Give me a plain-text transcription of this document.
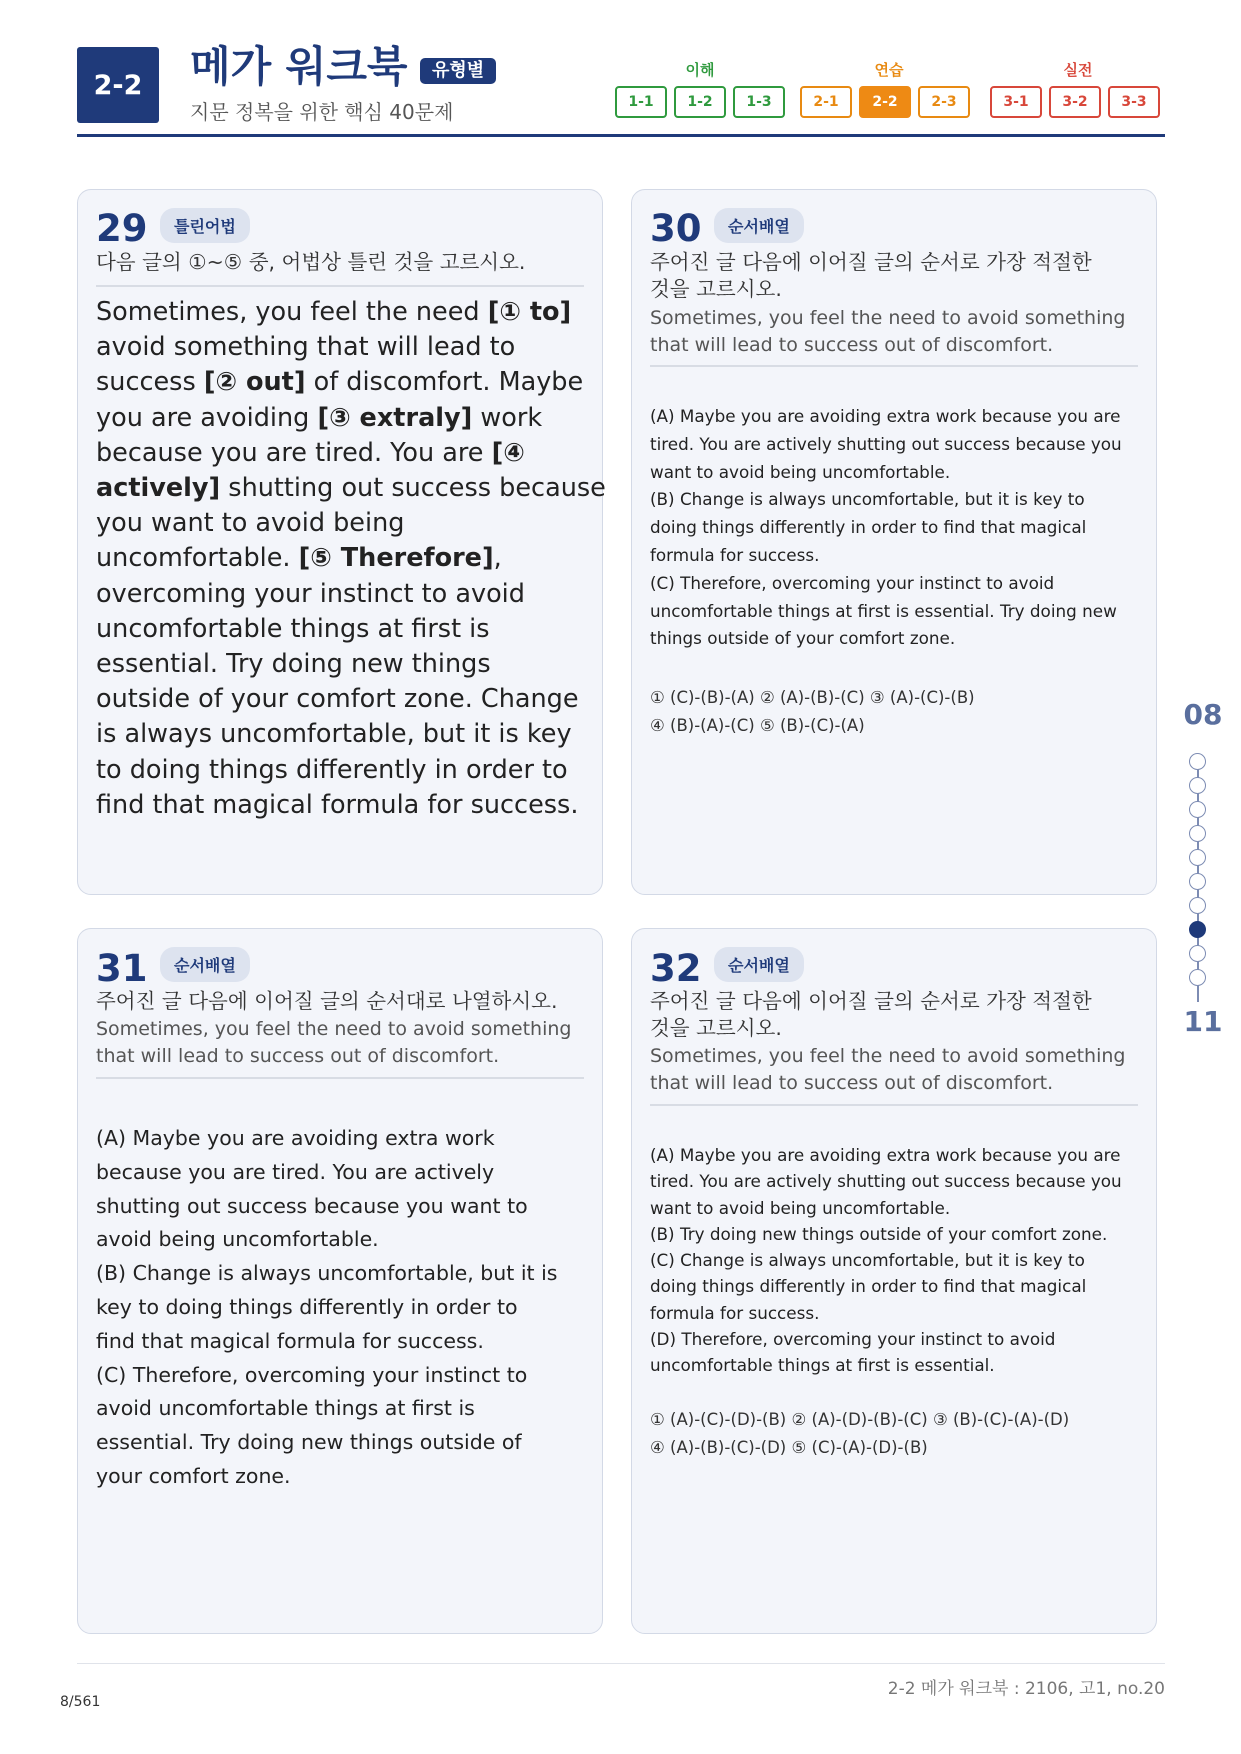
2-2	메가 워크북	유형별
지문 정복을 위한 핵심 40문제
이해	연습	실전
1-1	1-2	1-3	2-1	2-2	2-3	3-1	3-2	3-3
29	틀린어법
다음 글의 ①~⑤ 중, 어법상 틀린 것을 고르시오.
Sometimes, you feel the need [① to]
avoid something that will lead to
success [② out] of discomfort. Maybe
you are avoiding [③ extraly] work
because you are tired. You are [④
actively] shutting out success because
you want to avoid being
uncomfortable. [⑤ Therefore],
overcoming your instinct to avoid
uncomfortable things at first is
essential. Try doing new things
outside of your comfort zone. Change
is always uncomfortable, but it is key
to doing things differently in order to
find that magical formula for success.
30	순서배열
주어진 글 다음에 이어질 글의 순서로 가장 적절한
것을 고르시오.
Sometimes, you feel the need to avoid something
that will lead to success out of discomfort.
(A) Maybe you are avoiding extra work because you are
tired. You are actively shutting out success because you
want to avoid being uncomfortable.
(B) Change is always uncomfortable, but it is key to
doing things differently in order to find that magical
formula for success.
(C) Therefore, overcoming your instinct to avoid
uncomfortable things at first is essential. Try doing new
things outside of your comfort zone.
① (C)-(B)-(A) ② (A)-(B)-(C) ③ (A)-(C)-(B)
④ (B)-(A)-(C) ⑤ (B)-(C)-(A)
31	순서배열
주어진 글 다음에 이어질 글의 순서대로 나열하시오.
Sometimes, you feel the need to avoid something
that will lead to success out of discomfort.
(A) Maybe you are avoiding extra work
because you are tired. You are actively
shutting out success because you want to
avoid being uncomfortable.
(B) Change is always uncomfortable, but it is
key to doing things differently in order to
find that magical formula for success.
(C) Therefore, overcoming your instinct to
avoid uncomfortable things at first is
essential. Try doing new things outside of
your comfort zone.
32	순서배열
주어진 글 다음에 이어질 글의 순서로 가장 적절한
것을 고르시오.
Sometimes, you feel the need to avoid something
that will lead to success out of discomfort.
(A) Maybe you are avoiding extra work because you are
tired. You are actively shutting out success because you
want to avoid being uncomfortable.
(B) Try doing new things outside of your comfort zone.
(C) Change is always uncomfortable, but it is key to
doing things differently in order to find that magical
formula for success.
(D) Therefore, overcoming your instinct to avoid
uncomfortable things at first is essential.
① (A)-(C)-(D)-(B) ② (A)-(D)-(B)-(C) ③ (B)-(C)-(A)-(D)
④ (A)-(B)-(C)-(D) ⑤ (C)-(A)-(D)-(B)
08
11
2-2 메가 워크북 : 2106, 고1, no.20
8/561
